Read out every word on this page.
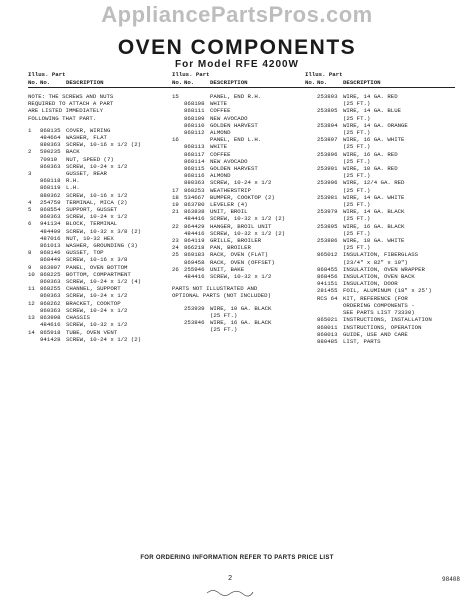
AppliancePartsPros.com
OVEN COMPONENTS
For Model RFE 4200W
Illus. Part
No. No.	DESCRIPTION
NOTE: THE SCREWS AND NUTS
REQUIRED TO ATTACH A PART
ARE LISTED IMMEDIATELY
FOLLOWING THAT PART.
1	868135 COVER, WIRING
484664 WASHER, FLAT
880363 SCREW, 10-16 x 1/2 (2)
2	590235 BACK
70910	NUT, SPEED (7)
860363 SCREW, 10-24 x 1/2
3	GUSSET, REAR
868118 R.H.
868119 L.H.
880362 SCREW, 10-16 x 1/2
4	254759 TERMINAL, MICA (2)
5	868554 SUPPORT, GUSSET
860363 SCREW, 10-24 x 1/2
6	941134 BLOCK, TERMINAL
484409 SCREW, 10-32 x 3/8 (2)
487016 NUT, 10-32 HEX
861013 WASHER, GROUNDING (3)
8	868146 GUSSET, TOP
868449 SCREW, 10-16 x 3/8
9	863997 PANEL, OVEN BOTTOM
10 868225 BOTTOM, COMPARTMENT
860363 SCREW, 10-24 x 1/2 (4)
11 868255 CHANNEL, SUPPORT
860363 SCREW, 10-24 x 1/2
12 868262 BRACKET, COOKTOP
860363 SCREW, 10-24 x 1/2
13 863998 CHASSIS
484616 SCREW, 10-32 x 1/2
14 865918 TUBE, OVEN VENT
941428 SCREW, 10-24 x 1/2 (2)
Illus. Part
No. No.	DESCRIPTION
15	PANEL, END R.H.
868108 WHITE
868111 COFFEE
868109 NEW AVOCADO
868110 GOLDEN HARVEST
868112 ALMOND
16	PANEL, END L.H.
868113 WHITE
868117 COFFEE
868114 NEW AVOCADO
868115 GOLDEN HARVEST
868116 ALMOND
880363 SCREW, 10-24 x 1/2
17 868253 WEATHERSTRIP
18 534667 BUMPER, COOKTOP (2)
19 863780 LEVELER (4)
21 863838 UNIT, BROIL
484416 SCREW, 10-32 x 1/2 (2)
22 864429 HANGER, BROIL UNIT
484416 SCREW, 10-32 x 1/2 (2)
23 864119 GRILLE, BROILER
24 866218 PAN, BROILER
25 869183 RACK, OVEN (FLAT)
869458 RACK, OVEN (OFFSET)
26 255946 UNIT, BAKE
484416 SCREW, 10-32 x 1/2
PARTS NOT ILLUSTRATED AND
OPTIONAL PARTS (NOT INCLUDED)
253939 WIRE, 10 GA. BLACK
(25 FT.)
253846 WIRE, 16 GA. BLACK
(25 FT.)
Illus. Part
No. No.	DESCRIPTION
253893 WIRE, 14 GA. RED
(25 FT.)
253895 WIRE, 14 GA. BLUE
(25 FT.)
253894 WIRE, 14 GA. ORANGE
(25 FT.)
253897 WIRE, 16 GA. WHITE
(25 FT.)
253896 WIRE, 16 GA. RED
(25 FT.)
253901 WIRE, 10 GA. RED
(25 FT.)
253906 WIRE, 12/4 GA. RED
(25 FT.)
253981 WIRE, 14 GA. WHITE
(25 FT.)
253979 WIRE, 14 GA. BLACK
(25 FT.)
253895 WIRE, 16 GA. BLACK
(25 FT.)
253886 WIRE, 18 GA. WHITE
(25 FT.)
865012 INSULATION, FIBERGLASS
(23/4" x 82" x 19")
868455 INSULATION, OVEN WRAPPER
868456 INSULATION, OVEN BACK
941151 INSULATION, DOOR
281455 FOIL, ALUMINUM (18" x 25')
RCS 64 KIT, REFERENCE (FOR
ORDERING COMPONENTS -
SEE PARTS LIST 73330)
865021 INSTRUCTIONS, INSTALLATION
868011 INSTRUCTIONS, OPERATION
868013 GUIDE, USE AND CARE
880485 LIST, PARTS
FOR ORDERING INFORMATION REFER TO PARTS PRICE LIST
2	98408
